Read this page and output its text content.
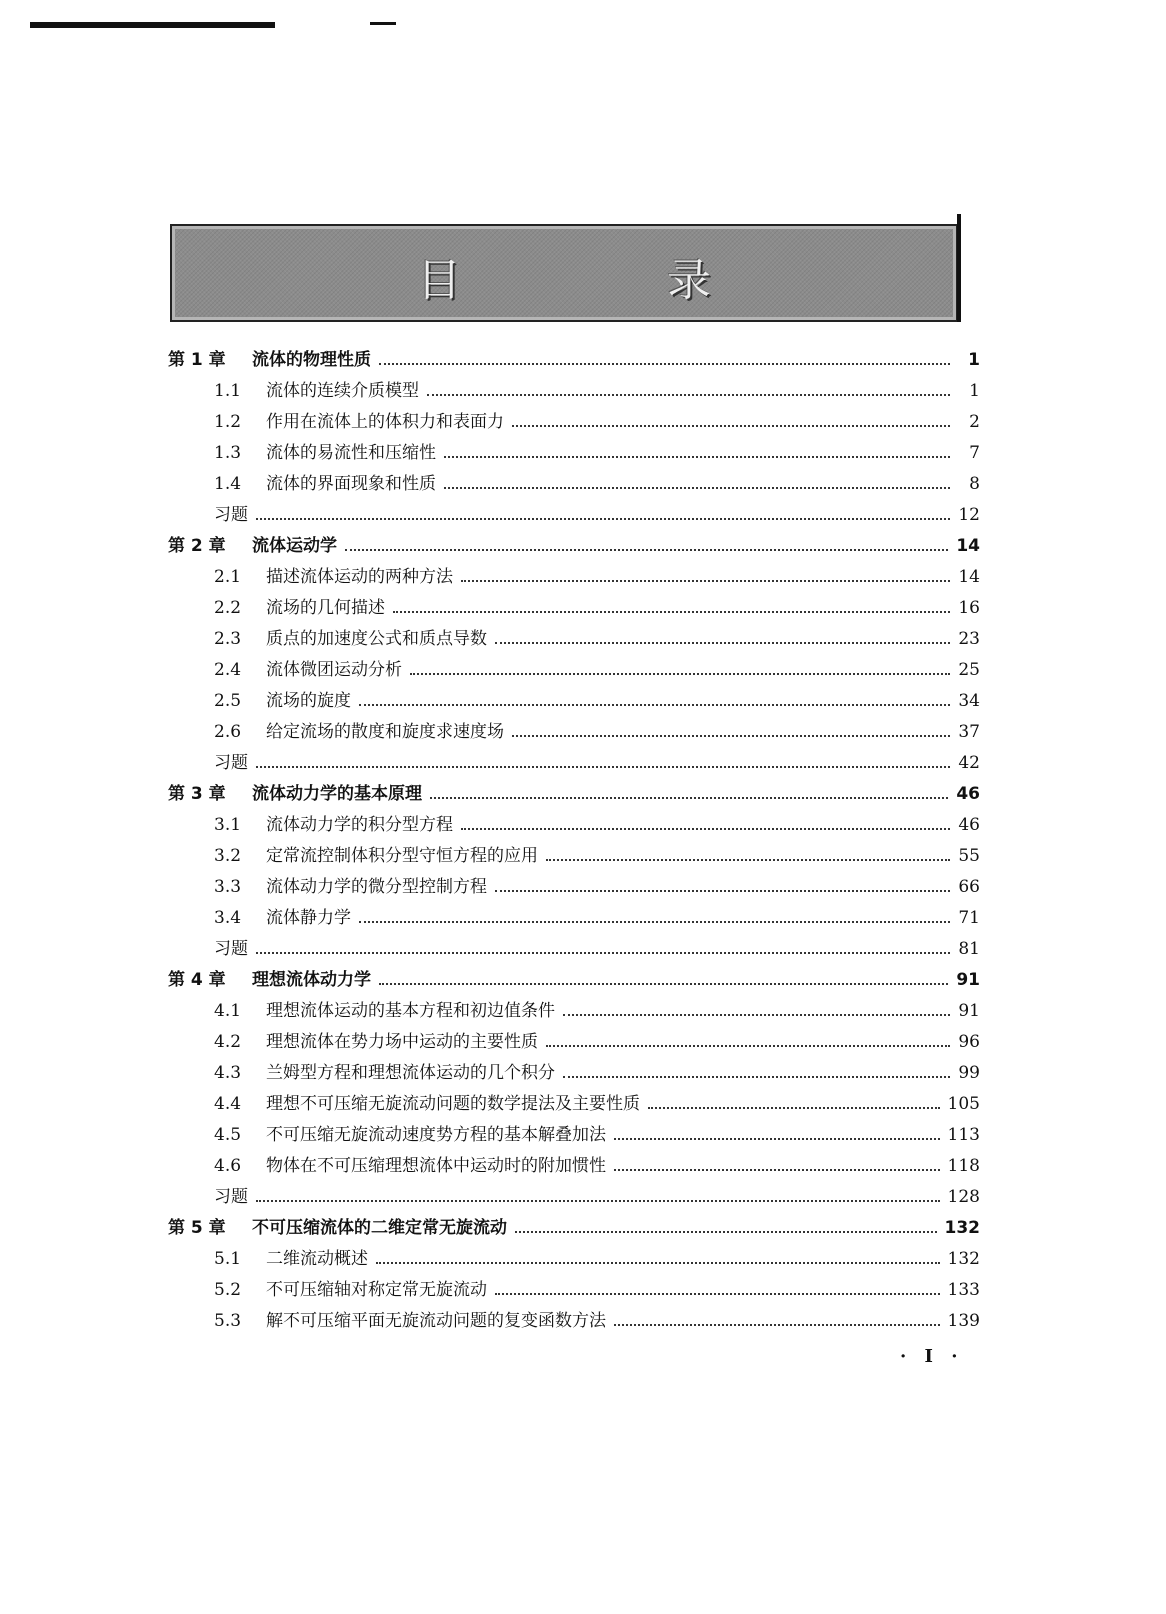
目 录
第 1 章	流体的物理性质	1
1.1	流体的连续介质模型	1
1.2	作用在流体上的体积力和表面力	2
1.3	流体的易流性和压缩性	7
1.4	流体的界面现象和性质	8
习题	12
第 2 章	流体运动学	14
2.1	描述流体运动的两种方法	14
2.2	流场的几何描述	16
2.3	质点的加速度公式和质点导数	23
2.4	流体微团运动分析	25
2.5	流场的旋度	34
2.6	给定流场的散度和旋度求速度场	37
习题	42
第 3 章	流体动力学的基本原理	46
3.1	流体动力学的积分型方程	46
3.2	定常流控制体积分型守恒方程的应用	55
3.3	流体动力学的微分型控制方程	66
3.4	流体静力学	71
习题	81
第 4 章	理想流体动力学	91
4.1	理想流体运动的基本方程和初边值条件	91
4.2	理想流体在势力场中运动的主要性质	96
4.3	兰姆型方程和理想流体运动的几个积分	99
4.4	理想不可压缩无旋流动问题的数学提法及主要性质	105
4.5	不可压缩无旋流动速度势方程的基本解叠加法	113
4.6	物体在不可压缩理想流体中运动时的附加惯性	118
习题	128
第 5 章	不可压缩流体的二维定常无旋流动	132
5.1	二维流动概述	132
5.2	不可压缩轴对称定常无旋流动	133
5.3	解不可压缩平面无旋流动问题的复变函数方法	139
· Ⅰ ·
